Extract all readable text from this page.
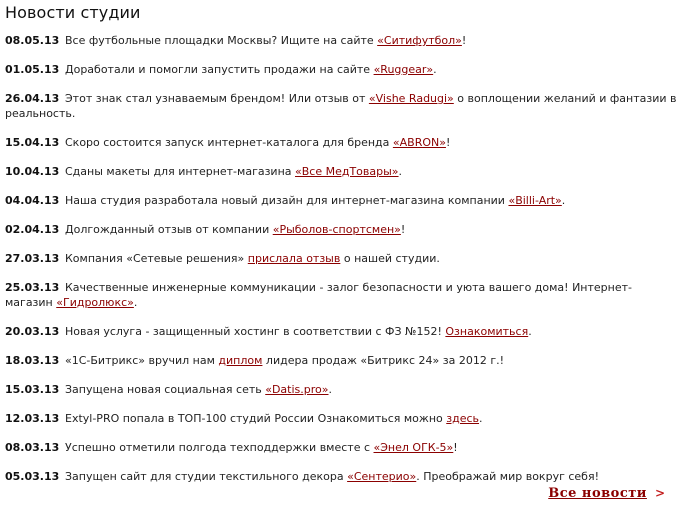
Новости студии
08.05.13 Все футбольные площадки Москвы? Ищите на сайте «Ситифутбол»!
01.05.13 Доработали и помогли запустить продажи на сайте «Ruggear».
26.04.13 Этот знак стал узнаваемым брендом! Или отзыв от «Vishe Radugi» о воплощении желаний и фантазии в реальность.
15.04.13 Скоро состоится запуск интернет-каталога для бренда «ABRON»!
10.04.13 Сданы макеты для интернет-магазина «Все МедТовары».
04.04.13 Наша студия разработала новый дизайн для интернет-магазина компании «Billi-Art».
02.04.13 Долгожданный отзыв от компании «Рыболов-спортсмен»!
27.03.13 Компания «Сетевые решения» прислала отзыв о нашей студии.
25.03.13 Качественные инженерные коммуникации - залог безопасности и уюта вашего дома! Интернет-магазин «Гидролюкс».
20.03.13 Новая услуга - защищенный хостинг в соответствии с ФЗ №152! Ознакомиться.
18.03.13 «1С-Битрикс» вручил нам диплом лидера продаж «Битрикс 24» за 2012 г.!
15.03.13 Запущена новая социальная сеть «Datis.pro».
12.03.13 Extyl-PRO попала в ТОП-100 студий России Ознакомиться можно здесь.
08.03.13 Успешно отметили полгода техподдержки вместе с «Энел ОГК-5»!
05.03.13 Запущен сайт для студии текстильного декора «Сентерио». Преображай мир вокруг себя!
Все новости >
